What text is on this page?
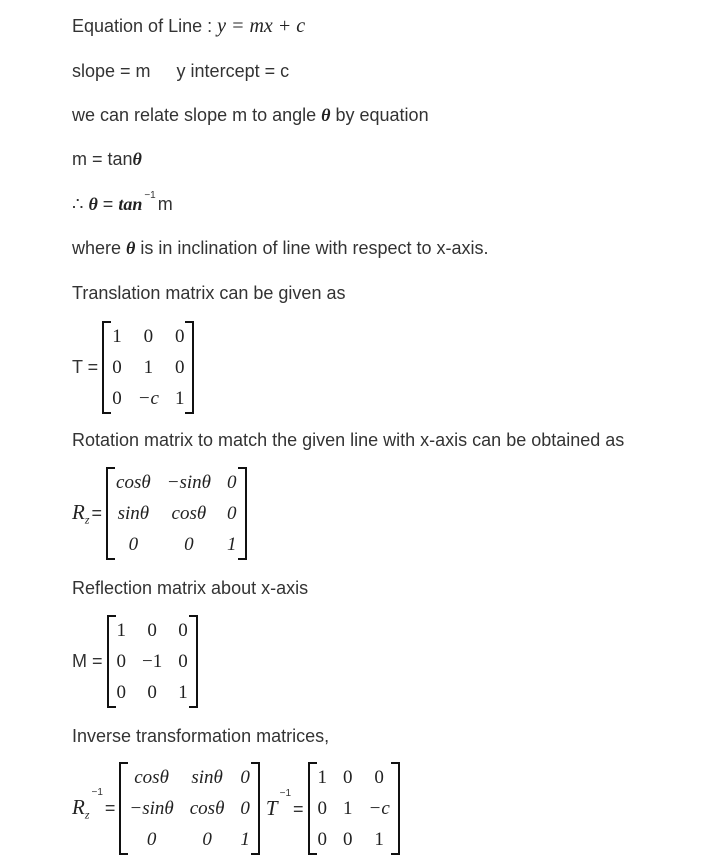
Equation of Line : y = mx + c
slope = m y intercept = c
we can relate slope m to angle θ by equation
m = tanθ
∴ θ = tan $^{-1}$ m
where θ is in inclination of line with respect to x-axis.
Translation matrix can be given as
T =
1	0	0
0	1	0
0	−c	1

Rotation matrix to match the given line with x-axis can be obtained as
$R_z$ =
cosθ	−sinθ	0
sinθ	cosθ	0
0	0	1

Reflection matrix about x-axis
M =
1	0	0
0	−1	0
0	0	1

Inverse transformation matrices,
$R_z^{-1}=$
cosθ	sinθ	0
−sinθ	cosθ	0
0	0	1

$T^{-1}=$
1	0	0
0	1	−c
0	0	1
